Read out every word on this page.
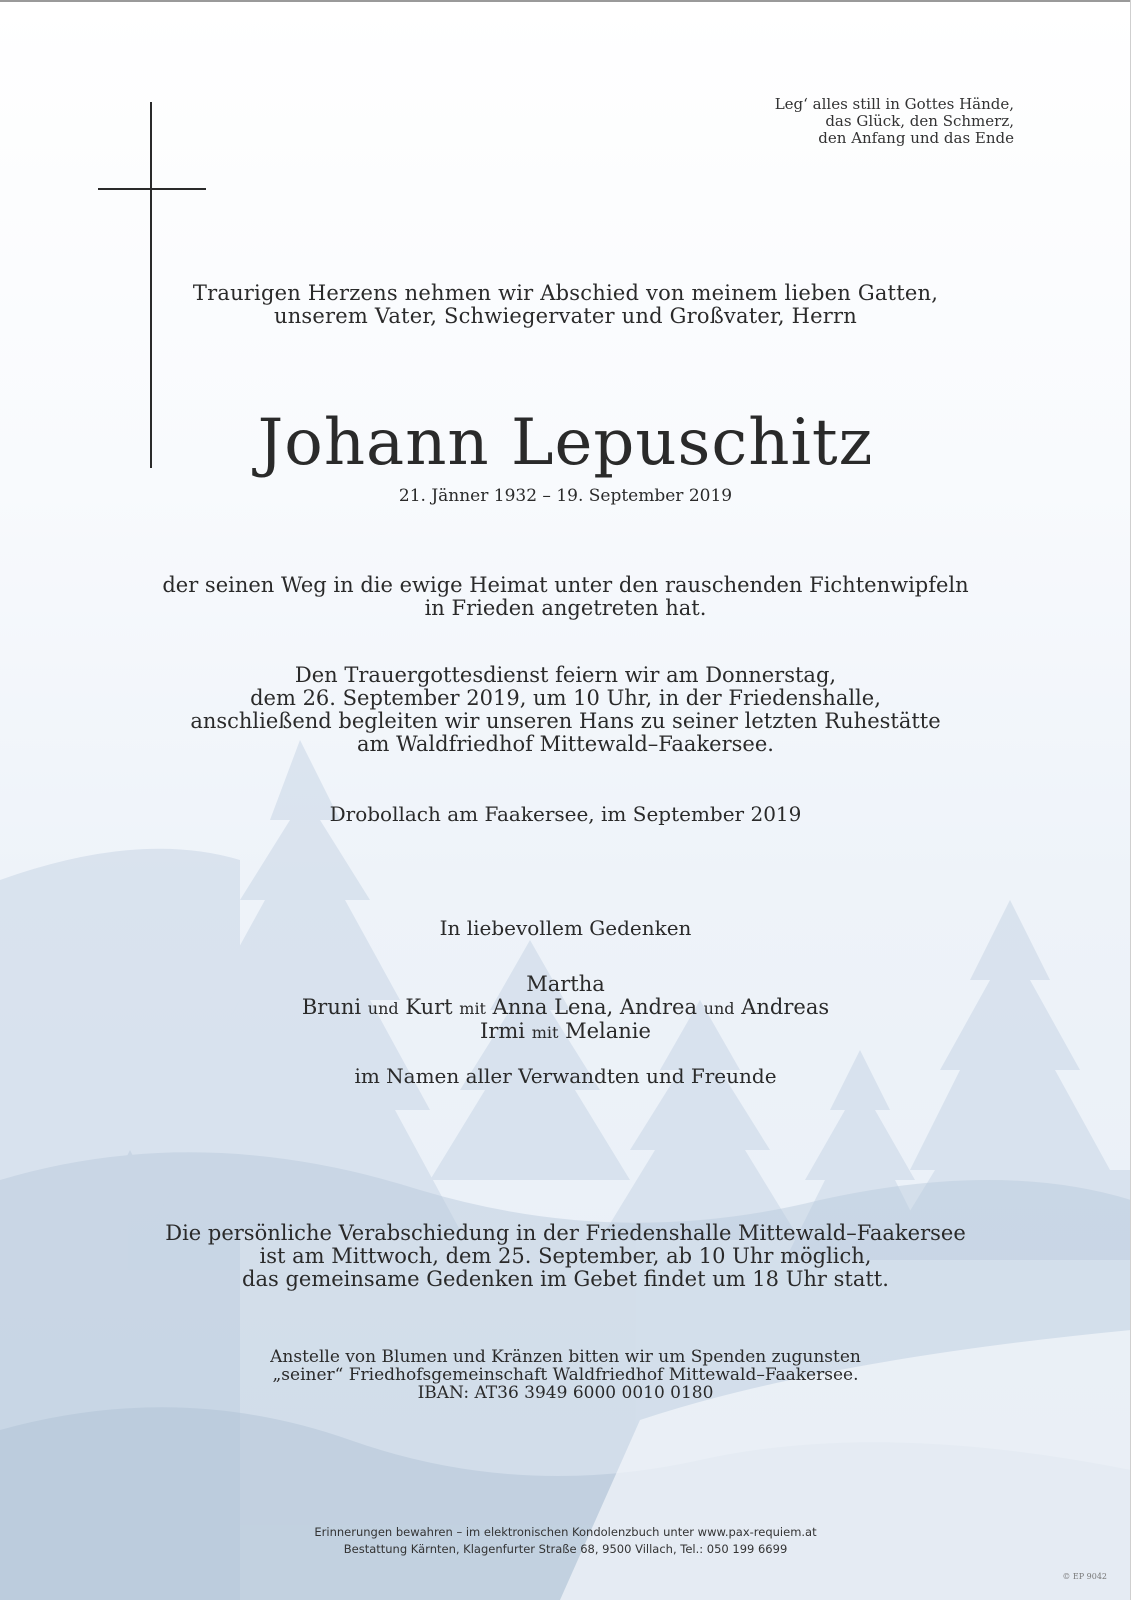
Leg‘ alles still in Gottes Hände,
das Glück, den Schmerz,
den Anfang und das Ende
Traurigen Herzens nehmen wir Abschied von meinem lieben Gatten,
unserem Vater, Schwiegervater und Großvater, Herrn
Johann Lepuschitz
21. Jänner 1932 – 19. September 2019
der seinen Weg in die ewige Heimat unter den rauschenden Fichtenwipfeln
in Frieden angetreten hat.
Den Trauergottesdienst feiern wir am Donnerstag,
dem 26. September 2019, um 10 Uhr, in der Friedenshalle,
anschließend begleiten wir unseren Hans zu seiner letzten Ruhestätte
am Waldfriedhof Mittewald–Faakersee.
Drobollach am Faakersee, im September 2019
In liebevollem Gedenken
Martha
Bruni und Kurt mit Anna Lena, Andrea und Andreas
Irmi mit Melanie
im Namen aller Verwandten und Freunde
Die persönliche Verabschiedung in der Friedenshalle Mittewald–Faakersee
ist am Mittwoch, dem 25. September, ab 10 Uhr möglich,
das gemeinsame Gedenken im Gebet findet um 18 Uhr statt.
Anstelle von Blumen und Kränzen bitten wir um Spenden zugunsten
„seiner“ Friedhofsgemeinschaft Waldfriedhof Mittewald–Faakersee.
IBAN: AT36 3949 6000 0010 0180
Erinnerungen bewahren – im elektronischen Kondolenzbuch unter www.pax-requiem.at
Bestattung Kärnten, Klagenfurter Straße 68, 9500 Villach, Tel.: 050 199 6699
© EP 9042
